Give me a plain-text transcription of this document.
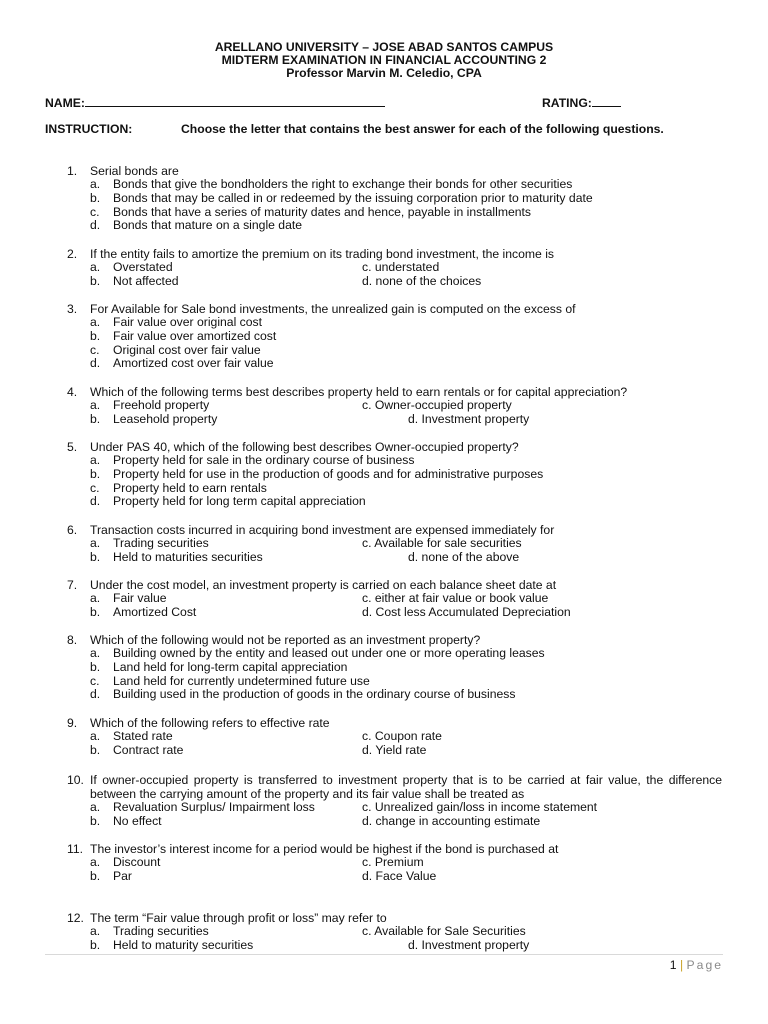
ARELLANO UNIVERSITY – JOSE ABAD SANTOS CAMPUS
MIDTERM EXAMINATION IN FINANCIAL ACCOUNTING 2
Professor Marvin M. Celedio, CPA
NAME:	RATING:
INSTRUCTION:	Choose the letter that contains the best answer for each of the following questions.
1. Serial bonds are
a. Bonds that give the bondholders the right to exchange their bonds for other securities
b. Bonds that may be called in or redeemed by the issuing corporation prior to maturity date
c. Bonds that have a series of maturity dates and hence, payable in installments
d. Bonds that mature on a single date
2. If the entity fails to amortize the premium on its trading bond investment, the income is
a. Overstated	c. understated
b. Not affected	d. none of the choices
3. For Available for Sale bond investments, the unrealized gain is computed on the excess of
a. Fair value over original cost
b. Fair value over amortized cost
c. Original cost over fair value
d. Amortized cost over fair value
4. Which of the following terms best describes property held to earn rentals or for capital appreciation?
a. Freehold property	c. Owner-occupied property
b. Leasehold property	d. Investment property
5. Under PAS 40, which of the following best describes Owner-occupied property?
a. Property held for sale in the ordinary course of business
b. Property held for use in the production of goods and for administrative purposes
c. Property held to earn rentals
d. Property held for long term capital appreciation
6. Transaction costs incurred in acquiring bond investment are expensed immediately for
a. Trading securities	c. Available for sale securities
b. Held to maturities securities	d. none of the above
7. Under the cost model, an investment property is carried on each balance sheet date at
a. Fair value	c. either at fair value or book value
b. Amortized Cost	d. Cost less Accumulated Depreciation
8. Which of the following would not be reported as an investment property?
a. Building owned by the entity and leased out under one or more operating leases
b. Land held for long-term capital appreciation
c. Land held for currently undetermined future use
d. Building used in the production of goods in the ordinary course of business
9. Which of the following refers to effective rate
a. Stated rate	c. Coupon rate
b. Contract rate	d. Yield rate
10. If owner-occupied property is transferred to investment property that is to be carried at fair value, the difference between the carrying amount of the property and its fair value shall be treated as
a. Revaluation Surplus/ Impairment loss	c. Unrealized gain/loss in income statement
b. No effect	d. change in accounting estimate
11. The investor’s interest income for a period would be highest if the bond is purchased at
a. Discount	c. Premium
b. Par	d. Face Value
12. The term “Fair value through profit or loss” may refer to
a. Trading securities	c. Available for Sale Securities
b. Held to maturity securities	d. Investment property
1 | Page
